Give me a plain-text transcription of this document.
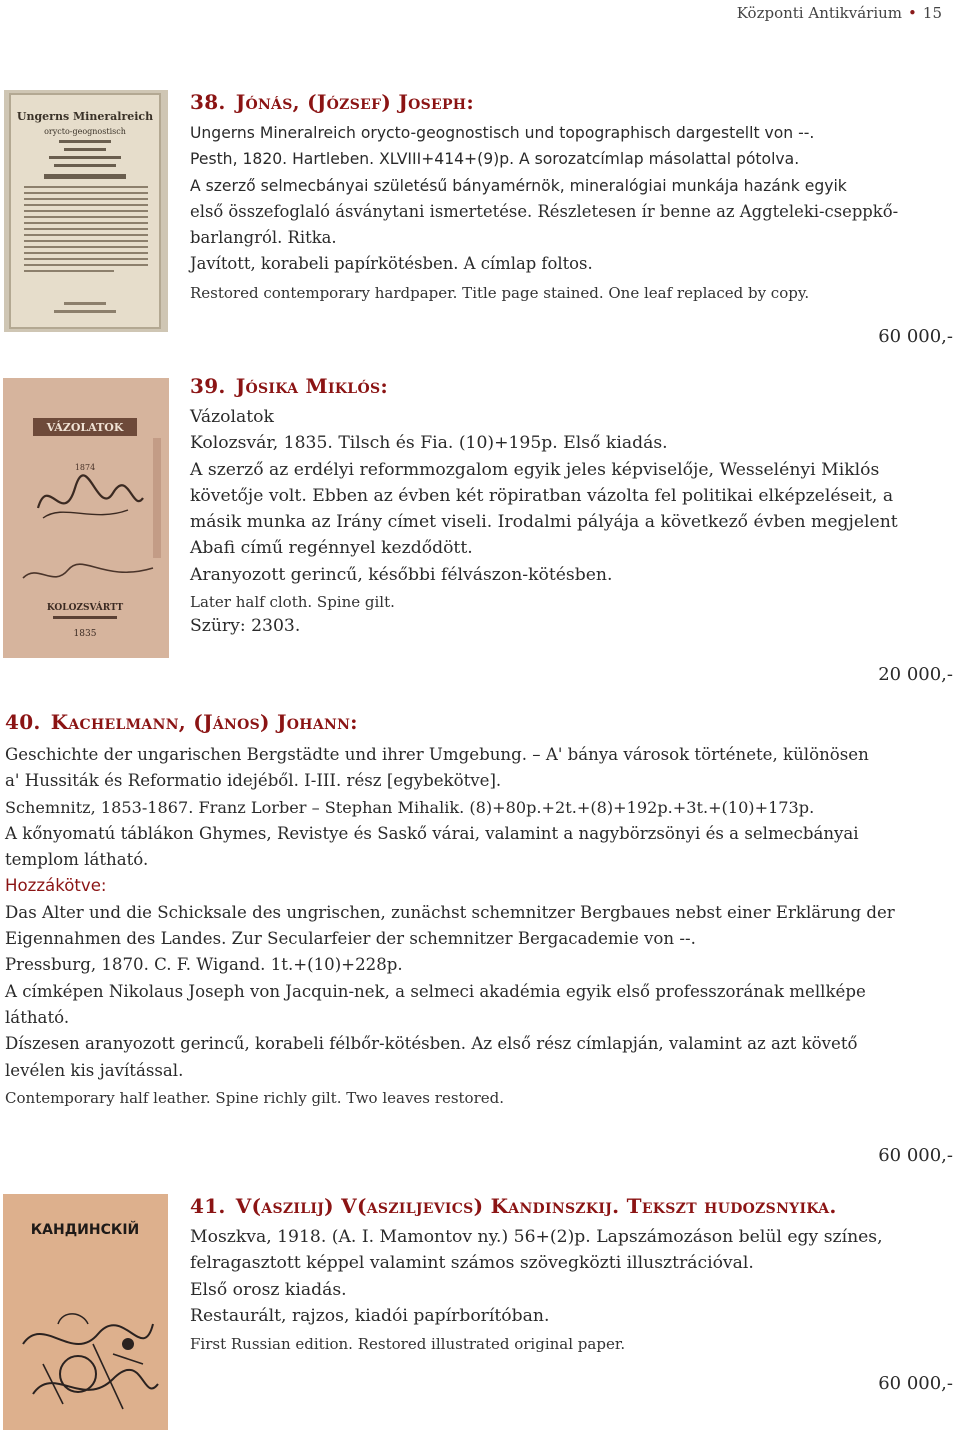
Központi Antikvárium • 15
Ungerns Mineralreich
orycto-geognostisch
38. Jónás, (József) Joseph:
Ungerns Mineralreich orycto-geognostisch und topographisch dargestellt von --.
Pesth, 1820. Hartleben. XLVIII+414+(9)p. A sorozatcímlap másolattal pótolva.
A szerző selmecbányai születésű bányamérnök, mineralógiai munkája hazánk egyik
első összefoglaló ásványtani ismertetése. Részletesen ír benne az Aggteleki-cseppkő-
barlangról. Ritka.
Javított, korabeli papírkötésben. A címlap foltos.
Restored contemporary hardpaper. Title page stained. One leaf replaced by copy.
60 000,-
VÁZOLATOK
1874
KOLOZSVÁRTT
1835
39. Jósika Miklós:
Vázolatok
Kolozsvár, 1835. Tilsch és Fia. (10)+195p. Első kiadás.
A szerző az erdélyi reformmozgalom egyik jeles képviselője, Wesselényi Miklós
követője volt. Ebben az évben két röpiratban vázolta fel politikai elképzeléseit, a
másik munka az Irány címet viseli. Irodalmi pályája a következő évben megjelent
Abafi című regénnyel kezdődött.
Aranyozott gerincű, későbbi félvászon-kötésben.
Later half cloth. Spine gilt.
Szüry: 2303.
20 000,-
40. Kachelmann, (János) Johann:
Geschichte der ungarischen Bergstädte und ihrer Umgebung. – A' bánya városok története, különösen
a' Hussiták és Reformatio idejéből. I-III. rész [egybekötve].
Schemnitz, 1853-1867. Franz Lorber – Stephan Mihalik. (8)+80p.+2t.+(8)+192p.+3t.+(10)+173p.
A kőnyomatú táblákon Ghymes, Revistye és Saskő várai, valamint a nagybörzsönyi és a selmecbányai
templom látható.
Hozzákötve:
Das Alter und die Schicksale des ungrischen, zunächst schemnitzer Bergbaues nebst einer Erklärung der
Eigennahmen des Landes. Zur Secularfeier der schemnitzer Bergacademie von --.
Pressburg, 1870. C. F. Wigand. 1t.+(10)+228p.
A címképen Nikolaus Joseph von Jacquin-nek, a selmeci akadémia egyik első professzorának mellképe
látható.
Díszesen aranyozott gerincű, korabeli félbőr-kötésben. Az első rész címlapján, valamint az azt követő
levélen kis javítással.
Contemporary half leather. Spine richly gilt. Two leaves restored.
60 000,-
КАНДИНСКІЙ
41. V(aszilij) V(asziljevics) Kandinszkij. Tekszt hudozsnyika.
Moszkva, 1918. (A. I. Mamontov ny.) 56+(2)p. Lapszámozáson belül egy színes,
felragasztott képpel valamint számos szövegközti illusztrációval.
Első orosz kiadás.
Restaurált, rajzos, kiadói papírborítóban.
First Russian edition. Restored illustrated original paper.
60 000,-
